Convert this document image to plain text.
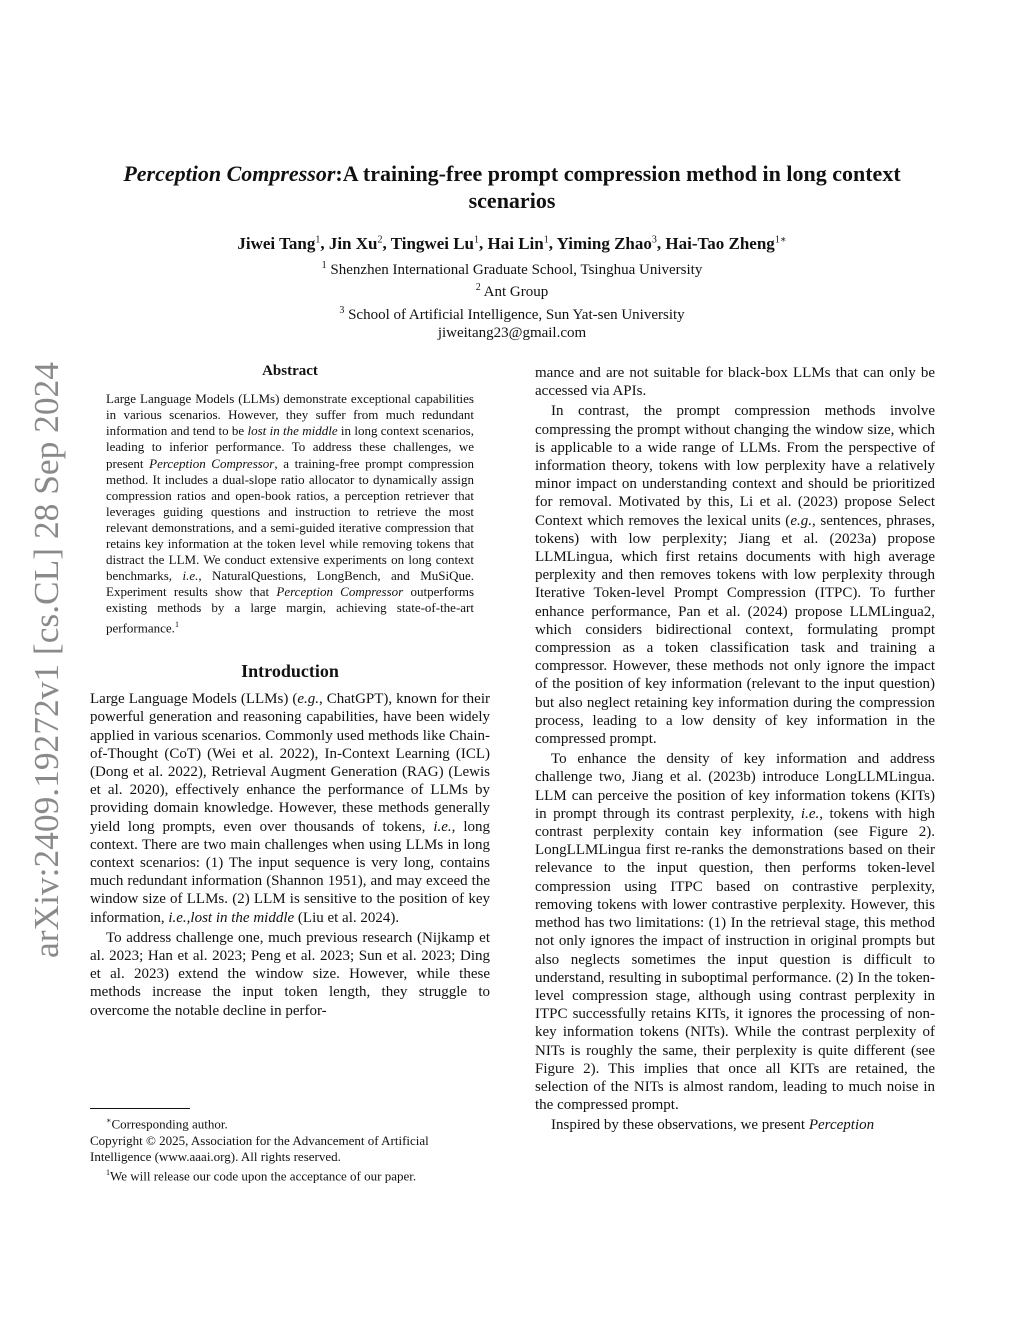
arXiv:2409.19272v1 [cs.CL] 28 Sep 2024
Perception Compressor:A training-free prompt compression method in long context scenarios
Jiwei Tang$^1$, Jin Xu$^2$, Tingwei Lu$^1$, Hai Lin$^1$, Yiming Zhao$^3$, Hai-Tao Zheng$^{1∗}$
$^1$ Shenzhen International Graduate School, Tsinghua University
$^2$ Ant Group
$^3$ School of Artificial Intelligence, Sun Yat-sen University
jiweitang23@gmail.com
Abstract
Large Language Models (LLMs) demonstrate exceptional capabilities in various scenarios. However, they suffer from much redundant information and tend to be lost in the middle in long context scenarios, leading to inferior performance. To address these challenges, we present Perception Compressor, a training-free prompt compression method. It includes a dual-slope ratio allocator to dynamically assign compression ratios and open-book ratios, a perception retriever that leverages guiding questions and instruction to retrieve the most relevant demonstrations, and a semi-guided iterative compression that retains key information at the token level while removing tokens that distract the LLM. We conduct extensive experiments on long context benchmarks, i.e., NaturalQuestions, LongBench, and MuSiQue. Experiment results show that Perception Compressor outperforms existing methods by a large margin, achieving state-of-the-art performance.$^1$
Introduction

Large Language Models (LLMs) (e.g., ChatGPT), known for their powerful generation and reasoning capabilities, have been widely applied in various scenarios. Commonly used methods like Chain-of-Thought (CoT) (Wei et al. 2022), In-Context Learning (ICL) (Dong et al. 2022), Retrieval Augment Generation (RAG) (Lewis et al. 2020), effectively enhance the performance of LLMs by providing domain knowledge. However, these methods generally yield long prompts, even over thousands of tokens, i.e., long context. There are two main challenges when using LLMs in long context scenarios: (1) The input sequence is very long, contains much redundant information (Shannon 1951), and may exceed the window size of LLMs. (2) LLM is sensitive to the position of key information, i.e.,lost in the middle (Liu et al. 2024).

To address challenge one, much previous research (Nijkamp et al. 2023; Han et al. 2023; Peng et al. 2023; Sun et al. 2023; Ding et al. 2023) extend the window size. However, while these methods increase the input token length, they struggle to overcome the notable decline in perfor-

∗Corresponding author.

Copyright © 2025, Association for the Advancement of Artificial Intelligence (www.aaai.org). All rights reserved.

$^1$We will release our code upon the acceptance of our paper.

mance and are not suitable for black-box LLMs that can only be accessed via APIs.

In contrast, the prompt compression methods involve compressing the prompt without changing the window size, which is applicable to a wide range of LLMs. From the perspective of information theory, tokens with low perplexity have a relatively minor impact on understanding context and should be prioritized for removal. Motivated by this, Li et al. (2023) propose Select Context which removes the lexical units (e.g., sentences, phrases, tokens) with low perplexity; Jiang et al. (2023a) propose LLMLingua, which first retains documents with high average perplexity and then removes tokens with low perplexity through Iterative Token-level Prompt Compression (ITPC). To further enhance performance, Pan et al. (2024) propose LLMLingua2, which considers bidirectional context, formulating prompt compression as a token classification task and training a compressor. However, these methods not only ignore the impact of the position of key information (relevant to the input question) but also neglect retaining key information during the compression process, leading to a low density of key information in the compressed prompt.

To enhance the density of key information and address challenge two, Jiang et al. (2023b) introduce LongLLMLingua. LLM can perceive the position of key information tokens (KITs) in prompt through its contrast perplexity, i.e., tokens with high contrast perplexity contain key information (see Figure 2). LongLLMLingua first re-ranks the demonstrations based on their relevance to the input question, then performs token-level compression using ITPC based on contrastive perplexity, removing tokens with lower contrastive perplexity. However, this method has two limitations: (1) In the retrieval stage, this method not only ignores the impact of instruction in original prompts but also neglects sometimes the input question is difficult to understand, resulting in suboptimal performance. (2) In the token-level compression stage, although using contrast perplexity in ITPC successfully retains KITs, it ignores the processing of non-key information tokens (NITs). While the contrast perplexity of NITs is roughly the same, their perplexity is quite different (see Figure 2). This implies that once all KITs are retained, the selection of the NITs is almost random, leading to much noise in the compressed prompt.

Inspired by these observations, we present Perception
